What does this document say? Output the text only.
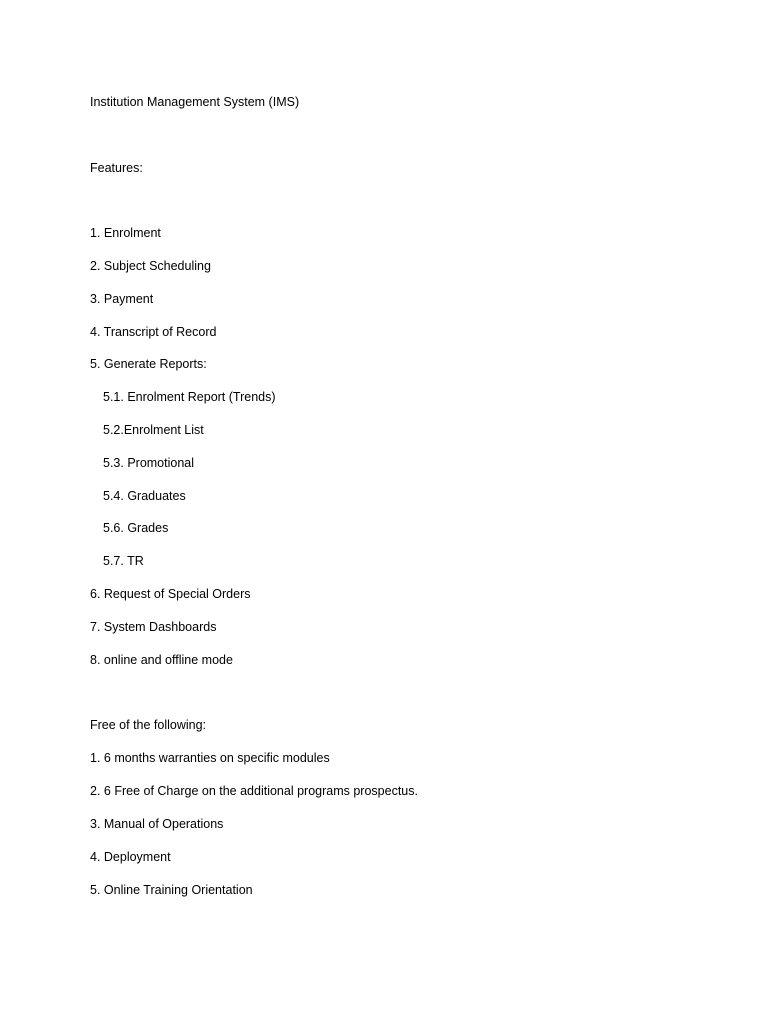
Institution Management System (IMS)
Features:
1. Enrolment
2. Subject Scheduling
3. Payment
4. Transcript of Record
5. Generate Reports:
5.1. Enrolment Report (Trends)
5.2.Enrolment List
5.3. Promotional
5.4. Graduates
5.6. Grades
5.7. TR
6. Request of Special Orders
7. System Dashboards
8. online and offline mode
Free of the following:
1. 6 months warranties on specific modules
2. 6 Free of Charge on the additional programs prospectus.
3. Manual of Operations
4. Deployment
5. Online Training Orientation
